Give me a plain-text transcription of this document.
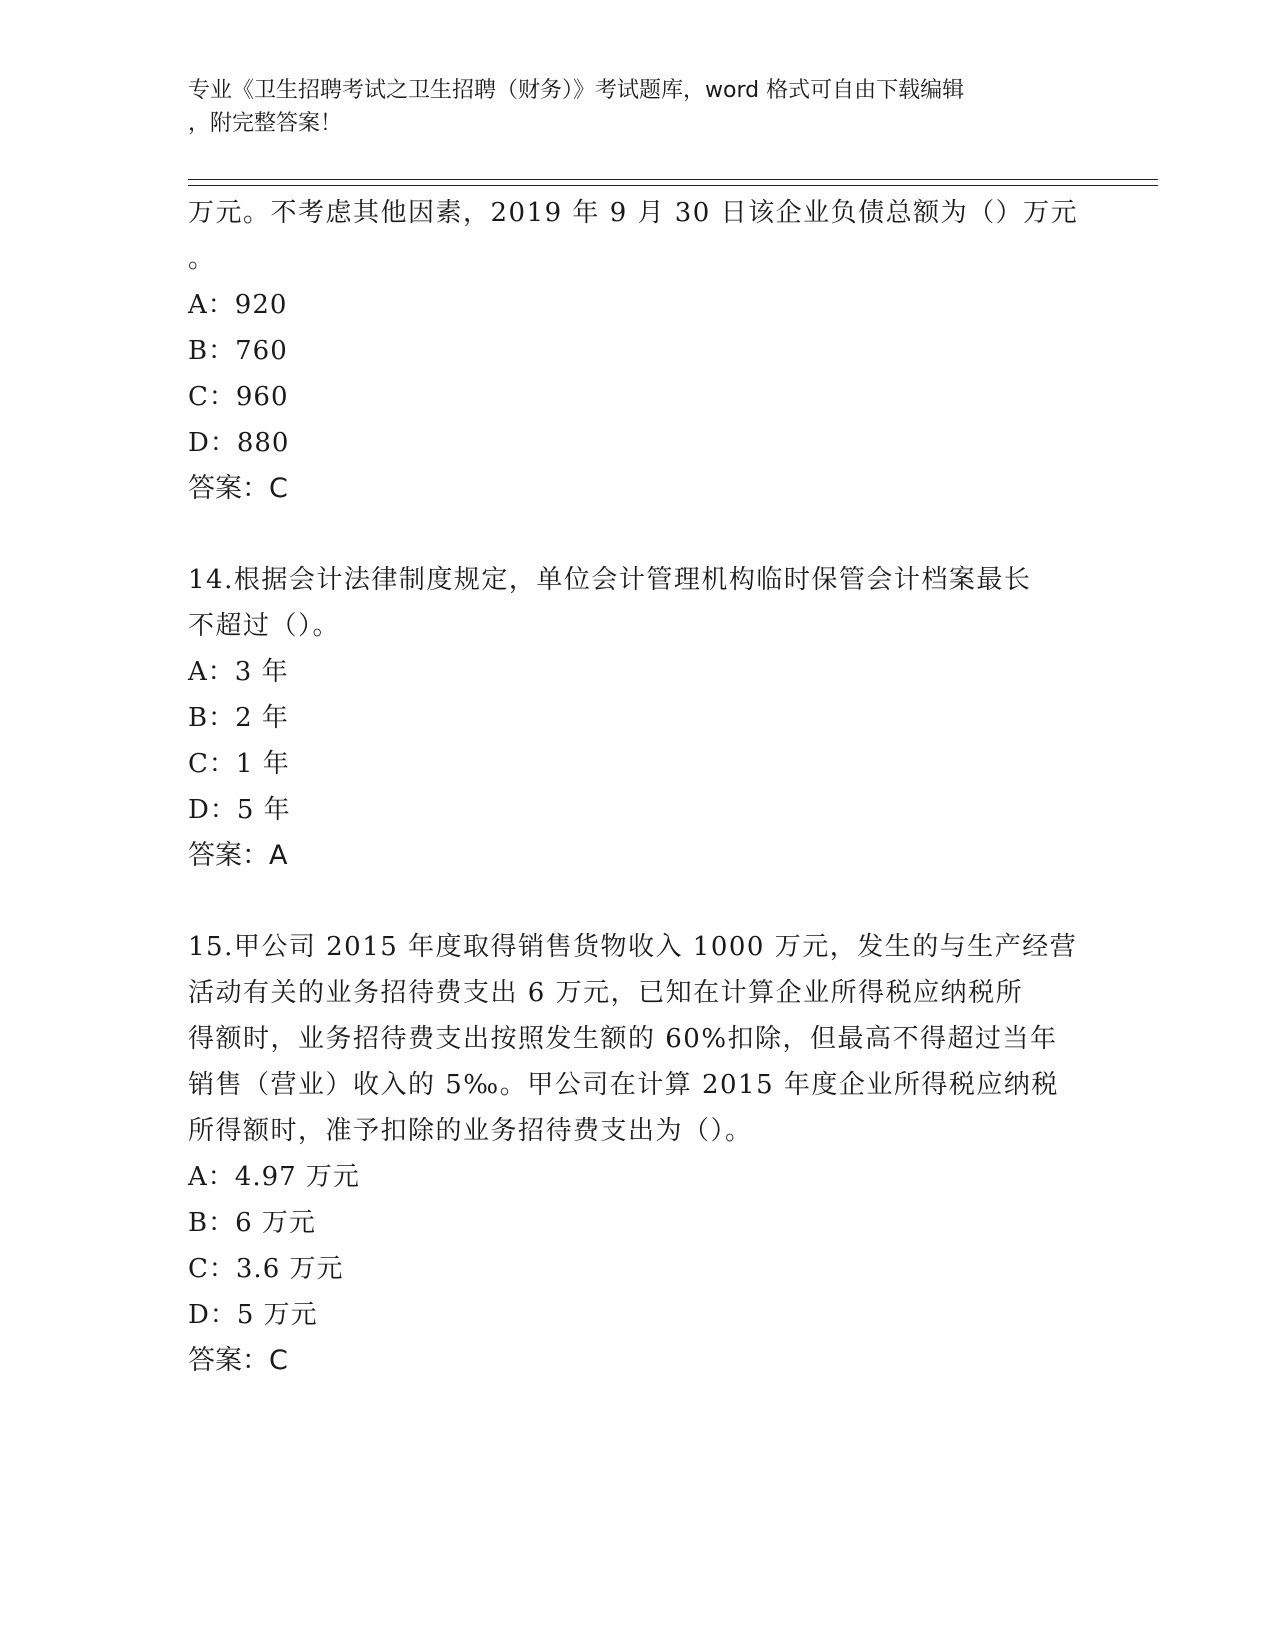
专业《卫生招聘考试之卫生招聘（财务）》考试题库，word 格式可自由下载编辑
，附完整答案！
万元。不考虑其他因素，2019 年 9 月 30 日该企业负债总额为（）万元
。
A：920
B：760
C：960
D：880
答案：C
14.根据会计法律制度规定，单位会计管理机构临时保管会计档案最长
不超过（）。
A：3 年
B：2 年
C：1 年
D：5 年
答案：A
15.甲公司 2015 年度取得销售货物收入 1000 万元，发生的与生产经营
活动有关的业务招待费支出 6 万元，已知在计算企业所得税应纳税所
得额时，业务招待费支出按照发生额的 60%扣除，但最高不得超过当年
销售（营业）收入的 5‰。甲公司在计算 2015 年度企业所得税应纳税
所得额时，准予扣除的业务招待费支出为（）。
A：4.97 万元
B：6 万元
C：3.6 万元
D：5 万元
答案：C
